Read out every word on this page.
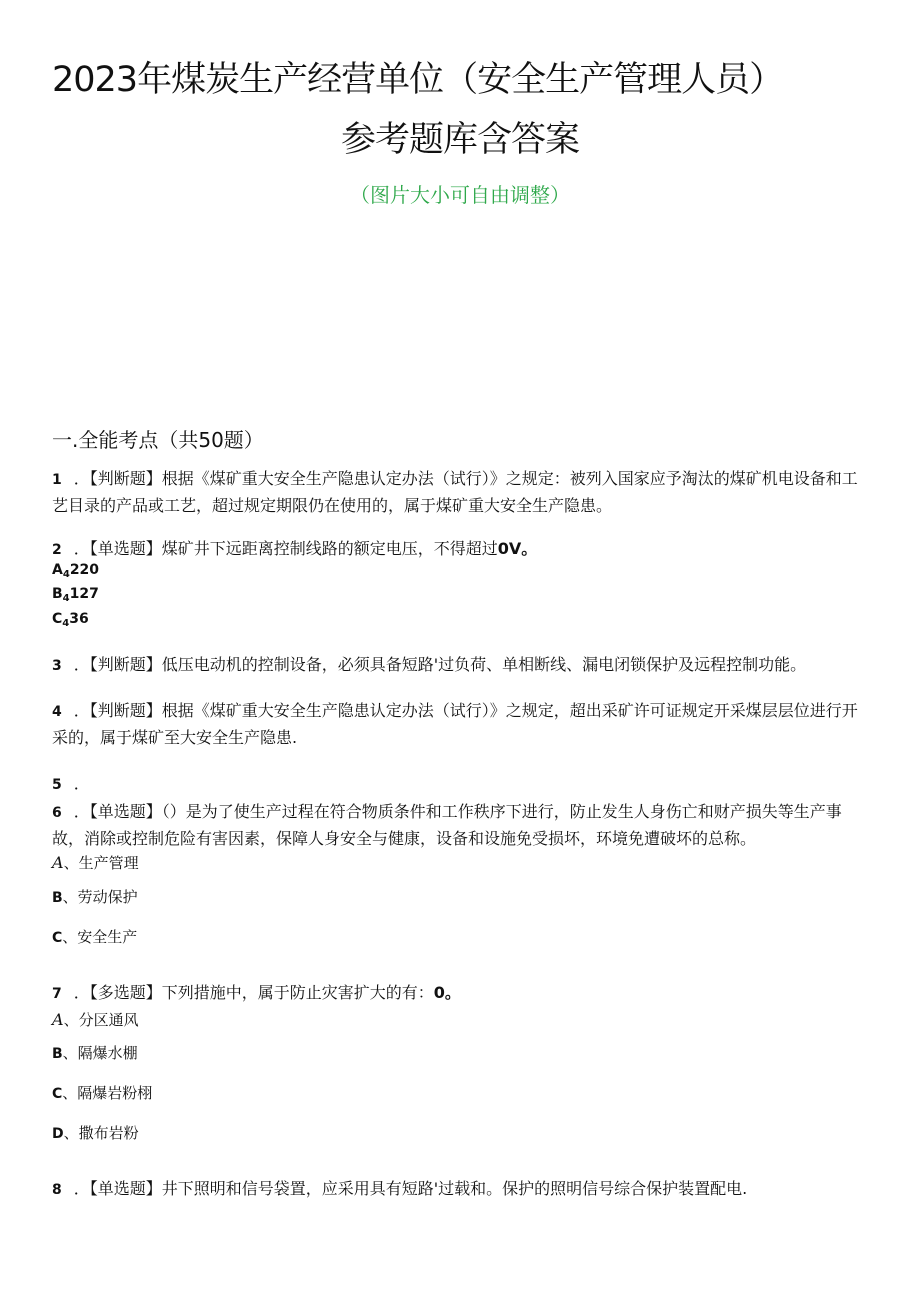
2023年煤炭生产经营单位（安全生产管理人员）
参考题库含答案
（图片大小可自由调整）
一.全能考点（共50题）
1 ．【判断题】根据《煤矿重大安全生产隐患认定办法（试行）》之规定：被列入国家应予淘汰的煤矿机电设备和工艺目录的产品或工艺，超过规定期限仍在使用的，属于煤矿重大安全生产隐患。
2 ．【单选题】煤矿井下远距离控制线路的额定电压，不得超过0V。
$A_4220$
$B_4127$
$C_436$
3 ．【判断题】低压电动机的控制设备，必须具备短路'过负荷、单相断线、漏电闭锁保护及远程控制功能。
4 ．【判断题】根据《煤矿重大安全生产隐患认定办法（试行）》之规定，超出采矿许可证规定开采煤层层位进行开采的，属于煤矿至大安全生产隐患.
5 ．
6 ．【单选题】（）是为了使生产过程在符合物质条件和工作秩序下进行，防止发生人身伤亡和财产损失等生产事故，消除或控制危险有害因素，保障人身安全与健康，设备和设施免受损坏，环境免遭破坏的总称。
A、生产管理
B、劳动保护
C、安全生产
7 ．【多选题】下列措施中，属于防止灾害扩大的有：0。
A、分区通风
B、隔爆水棚
C、隔爆岩粉栩
D、撒布岩粉
8 ．【单选题】井下照明和信号袋置，应采用具有短路'过载和。保护的照明信号综合保护装置配电.
